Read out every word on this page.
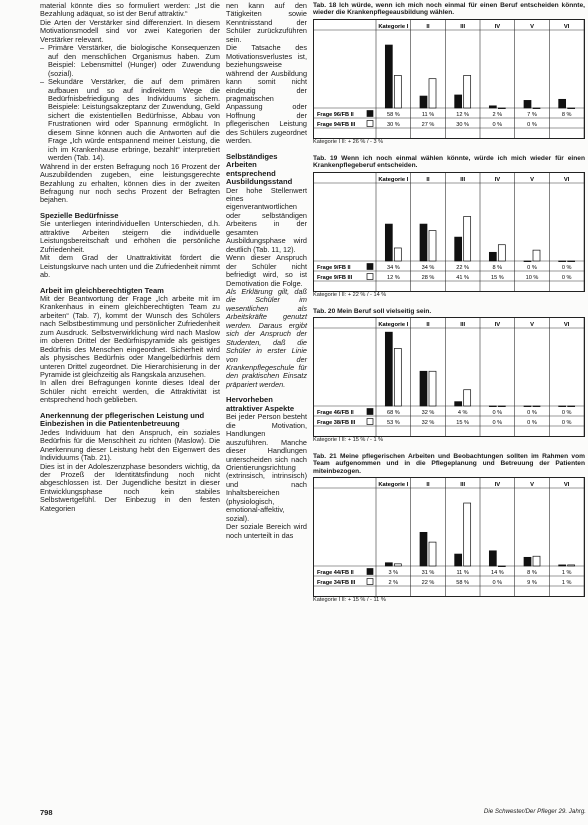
material könnte dies so formuliert werden: „Ist die Bezahlung adäquat, so ist der Beruf attraktiv.“

Die Arten der Verstärker sind differenziert. In diesem Motivationsmodell sind vor zwei Kategorien der Verstärker relevant.

– Primäre Verstärker, die biologische Konsequenzen auf den menschlichen Organismus haben. Zum Beispiel: Lebensmittel (Hunger) oder Zuwendung (sozial).
– Sekundäre Verstärker, die auf dem primären aufbauen und so auf indirektem Wege die Bedürfnisbefriedigung des Individuums sichern. Beispiele: Leistungsakzeptanz der Zuwendung, Geld sichert die existentiellen Bedürfnisse, Abbau von Frustrationen wird oder Spannung ermöglicht. In diesem Sinne können auch die Antworten auf die Frage „Ich würde entspannend meiner Leistung, die ich im Krankenhause erbringe, bezahlt“ interpretiert werden (Tab. 14).

Während in der ersten Befragung noch 16 Prozent der Auszubildenden zugeben, eine leistungsgerechte Bezahlung zu erhalten, können dies in der zweiten Befragung nur noch sechs Prozent der Befragten bejahen.

Spezielle Bedürfnisse

Sie unterliegen interindividuellen Unterschieden, d.h. attraktive Arbeiten steigern die individuelle Leistungsbereitschaft und erhöhen die persönliche Zufriedenheit.

Mit dem Grad der Unattraktivität fördert die Leistungskurve nach unten und die Zufriedenheit nimmt ab.

Arbeit im gleichberechtigten Team

Mit der Beantwortung der Frage „Ich arbeite mit im Krankenhaus in einem gleichberechtigten Team zu arbeiten“ (Tab. 7), kommt der Wunsch des Schülers nach Selbstbestimmung und persönlicher Zufriedenheit zum Ausdruck. Selbstverwirklichung wird nach Maslow im oberen Drittel der Bedürfnispyramide als geistiges Bedürfnis des Menschen eingeordnet. Sicherheit wird als physisches Bedürfnis oder Mangelbedürfnis dem unteren Drittel zugeordnet. Die Hierarchisierung in der Pyramide ist gleichzeitig als Rangskala anzusehen.

In allen drei Befragungen konnte dieses Ideal der Schüler nicht erreicht werden, die Attraktivität ist entsprechend hoch geblieben.

Anerkennung der pflegerischen Leistung und Einbezishen in die Patientenbetreuung

Jedes Individuum hat den Anspruch, ein soziales Bedürfnis für die Menschheit zu richten (Maslow). Die Anerkennung dieser Leistung hebt den Eigenwert des Individuums (Tab. 21).

Dies ist in der Adoleszenzphase besonders wichtig, da der Prozeß der Identitätsfindung noch nicht abgeschlossen ist. Der Jugendliche besitzt in dieser Entwicklungsphase noch kein stabiles Selbstwertgefühl. Der Einbezug in den festen Kategorien

nen kann auf den Tätigkeiten sowie Kenntnisstand der Schüler zurückzuführen sein.

Die Tatsache des Motivationsverlustes ist, beziehungsweise während der Ausbildung kann somit nicht eindeutig der pragmatischen Anpassung oder Hoffnung der pflegerischen Leistung des Schülers zugeordnet werden.

Selbständiges Arbeiten entsprechend Ausbildungsstand

Der hohe Stellenwert eines eigenverantwortlichen oder selbständigen Arbeitens in der gesamten Ausbildungsphase wird deutlich (Tab. 11, 12).

Wenn dieser Anspruch der Schüler nicht befriedigt wird, so ist Demotivation die Folge.

Als Erklärung gilt, daß die Schüler im wesentlichen als Arbeitskräfte genutzt werden. Daraus ergibt sich der Anspruch der Studenten, daß die Schüler in erster Linie von der Krankenpflegeschule für den praktischen Einsatz präpariert werden.

Hervorheben attraktiver Aspekte

Bei jeder Person besteht die Motivation, Handlungen auszuführen. Manche dieser Handlungen unterscheiden sich nach Orientierungsrichtung (extrinsisch, intrinsisch) und nach Inhaltsbereichen (physiologisch, emotional-affektiv, sozial).

Der soziale Bereich wird noch unterteilt in das

Tab. 18 Ich würde, wenn ich mich noch einmal für einen Beruf entscheiden könnte, wieder die Krankenpflegeausbildung wählen.
Kategorie I	II	III	IV	V	VI
Frage 96/FB II	58 %	11 %	12 %	2 %	7 %	8 %
Frage 94/FB III	30 %	27 %	30 %	0 %	0 %
Kategorie I II: + 26 % / - 3 %
Tab. 19 Wenn ich noch einmal wählen könnte, würde ich mich wieder für einen Krankenpflegeberuf entscheiden.
Kategorie I	II	III	IV	V	VI
Frage 9/FB II	34 %	34 %	22 %	8 %	0 %	0 %
Frage 9/FB III	12 %	28 %	41 %	15 %	10 %	0 %
Kategorie I II: + 22 % / - 14 %
Tab. 20 Mein Beruf soll vielseitig sein.
Kategorie I	II	III	IV	V	VI
Frage 46/FB II	68 %	32 %	4 %	0 %	0 %	0 %
Frage 38/FB III	53 %	32 %	15 %	0 %	0 %	0 %
Kategorie I II: + 15 % / - 1 %
Tab. 21 Meine pflegerischen Arbeiten und Beobachtungen sollten im Rahmen vom Team aufgenommen und in die Pflegeplanung und Betreuung der Patienten miteinbezogen.
Kategorie I	II	III	IV	V	VI
Frage 44/FB II	3 %	31 %	11 %	14 %	8 %	1 %
Frage 34/FB III	2 %	22 %	58 %	0 %	9 %	1 %
Kategorie I II: + 15 % / - 11 %
798	Die Schwester/Der Pfleger 29. Jahrg.
